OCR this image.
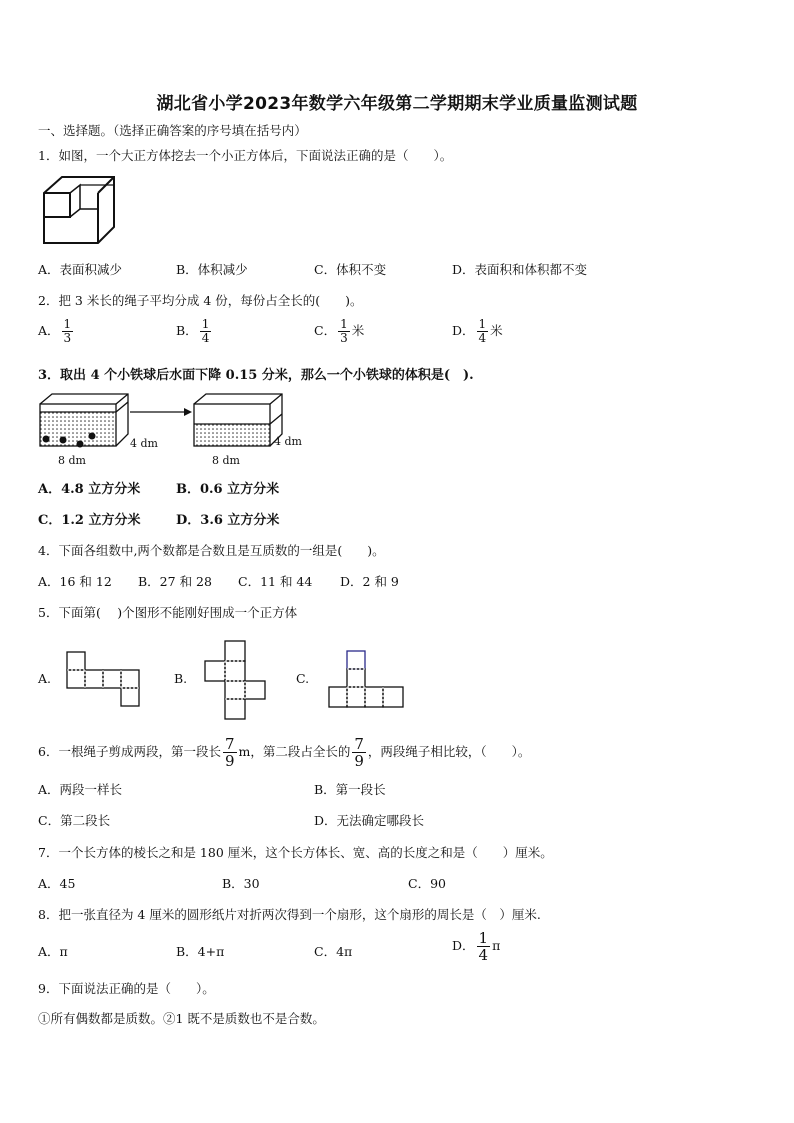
湖北省小学2023年数学六年级第二学期期末学业质量监测试题
一、选择题。（选择正确答案的序号填在括号内）
1．如图，一个大正方体挖去一个小正方体后，下面说法正确的是（　　）。
A．表面积减少	B．体积减少	C．体积不变	D．表面积和体积都不变
2．把 3 米长的绳子平均分成 4 份，每份占全长的(　　)。
A． $\frac{1}{3}$	B． $\frac{1}{4}$	C． $\frac{1}{3}$ 米	D． $\frac{1}{4}$ 米
3．取出 4 个小铁球后水面下降 0.15 分米，那么一个小铁球的体积是(　).
8 dm
4 dm
8 dm
4 dm
A．4.8 立方分米	B．0.6 立方分米
C．1.2 立方分米	D．3.6 立方分米
4．下面各组数中,两个数都是合数且是互质数的一组是(　　)。
A．16 和 12 B．27 和 28 C．11 和 44 D．2 和 9
5．下面第(　 )个图形不能刚好围成一个正方体
A.	B.	C.
6．一根绳子剪成两段，第一段长 $\frac{7}{9}$ m，第二段占全长的 $\frac{7}{9}$ ，两段绳子相比较，（　　）。
A．两段一样长	B．第一段长
C．第二段长	D．无法确定哪段长
7．一个长方体的棱长之和是 180 厘米，这个长方体长、宽、高的长度之和是（　　）厘米。
A．45	B．30	C．90
8．把一张直径为 4 厘米的圆形纸片对折两次得到一个扇形，这个扇形的周长是（　）厘米.
A．π	B．4+π	C．4π	D． $\frac{1}{4}$ π
9．下面说法正确的是（　　）。
①所有偶数都是质数。②1 既不是质数也不是合数。
